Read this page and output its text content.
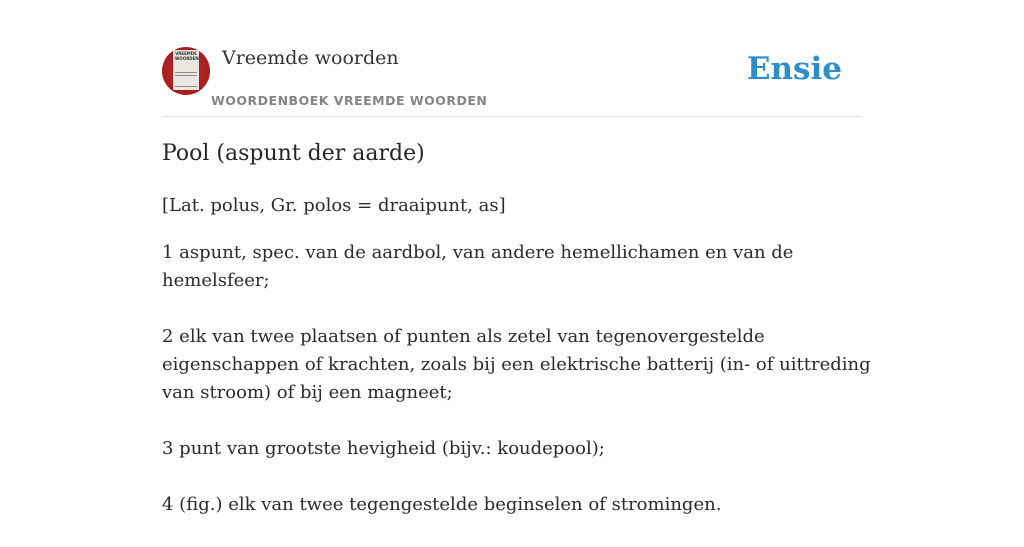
VREEMDE
WOORDEN Vreemde woorden
WOORDENBOEK VREEMDE WOORDEN
Ensie
Pool (aspunt der aarde)
[Lat. polus, Gr. polos = draaipunt, as]
1 aspunt, spec. van de aardbol, van andere hemellichamen en van de hemelsfeer;
2 elk van twee plaatsen of punten als zetel van tegenovergestelde eigenschappen of krachten, zoals bij een elektrische batterij (in- of uittreding van stroom) of bij een magneet;
3 punt van grootste hevigheid (bijv.: koudepool);
4 (fig.) elk van twee tegengestelde beginselen of stromingen.
